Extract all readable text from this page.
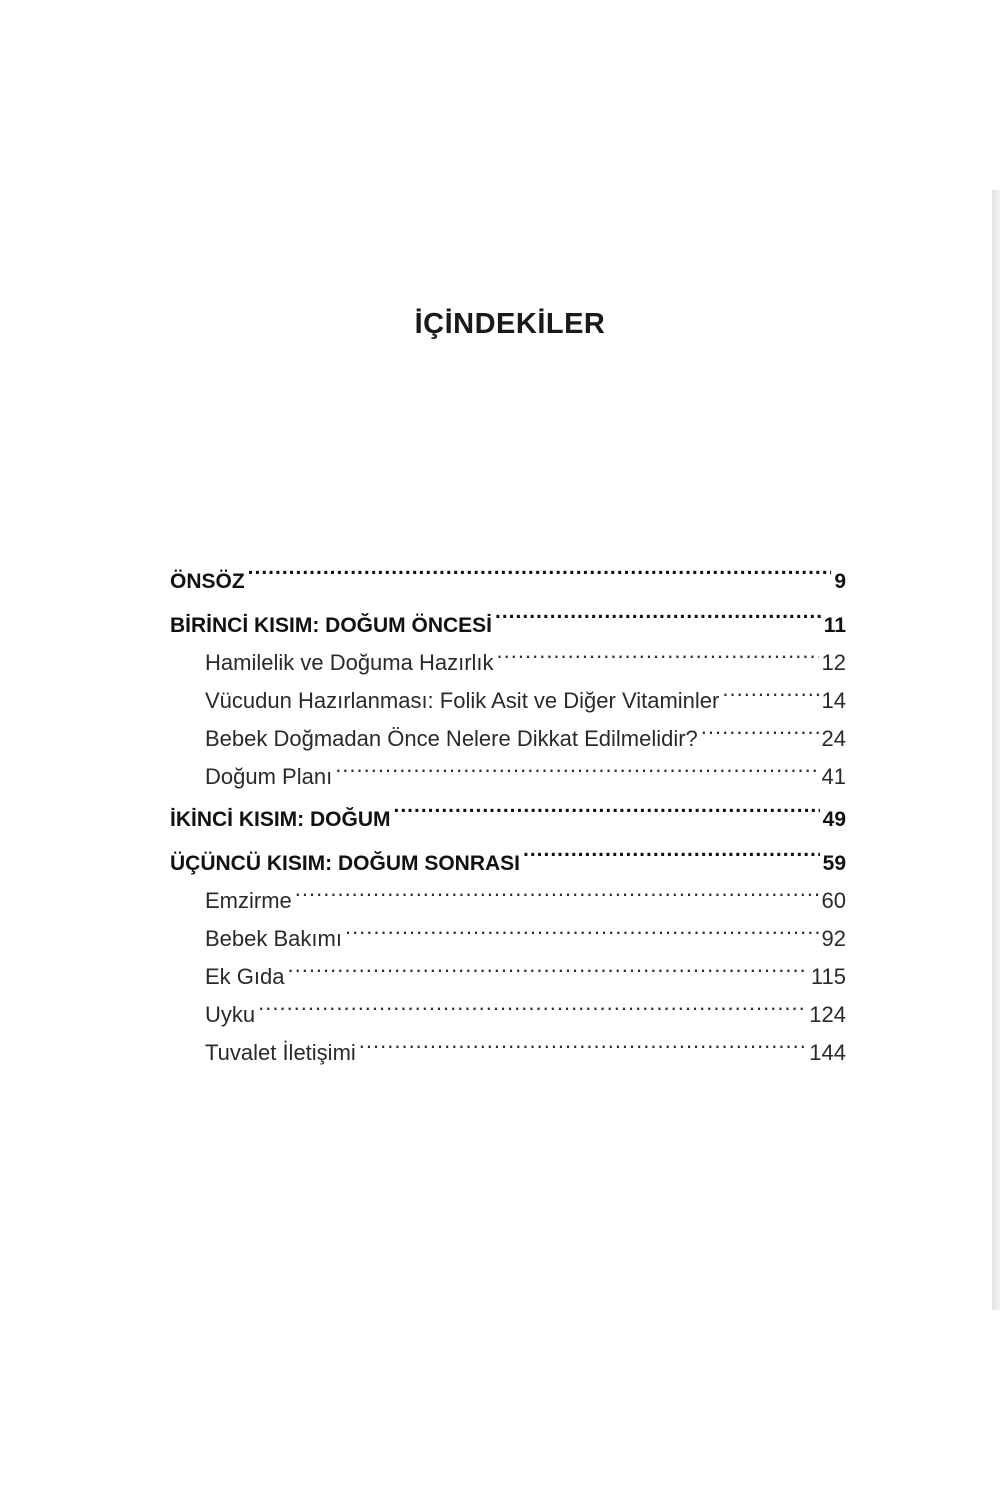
İÇİNDEKİLER
ÖNSÖZ .....	9
BİRİNCİ KISIM: DOĞUM ÖNCESİ .....	11
Hamilelik ve Doğuma Hazırlık .....	12
Vücudun Hazırlanması: Folik Asit ve Diğer Vitaminler .....	14
Bebek Doğmadan Önce Nelere Dikkat Edilmelidir? .....	24
Doğum Planı .....	41
İKİNCİ KISIM: DOĞUM .....	49
ÜÇÜNCÜ KISIM: DOĞUM SONRASI .....	59
Emzirme .....	60
Bebek Bakımı .....	92
Ek Gıda .....	115
Uyku .....	124
Tuvalet İletişimi .....	144
